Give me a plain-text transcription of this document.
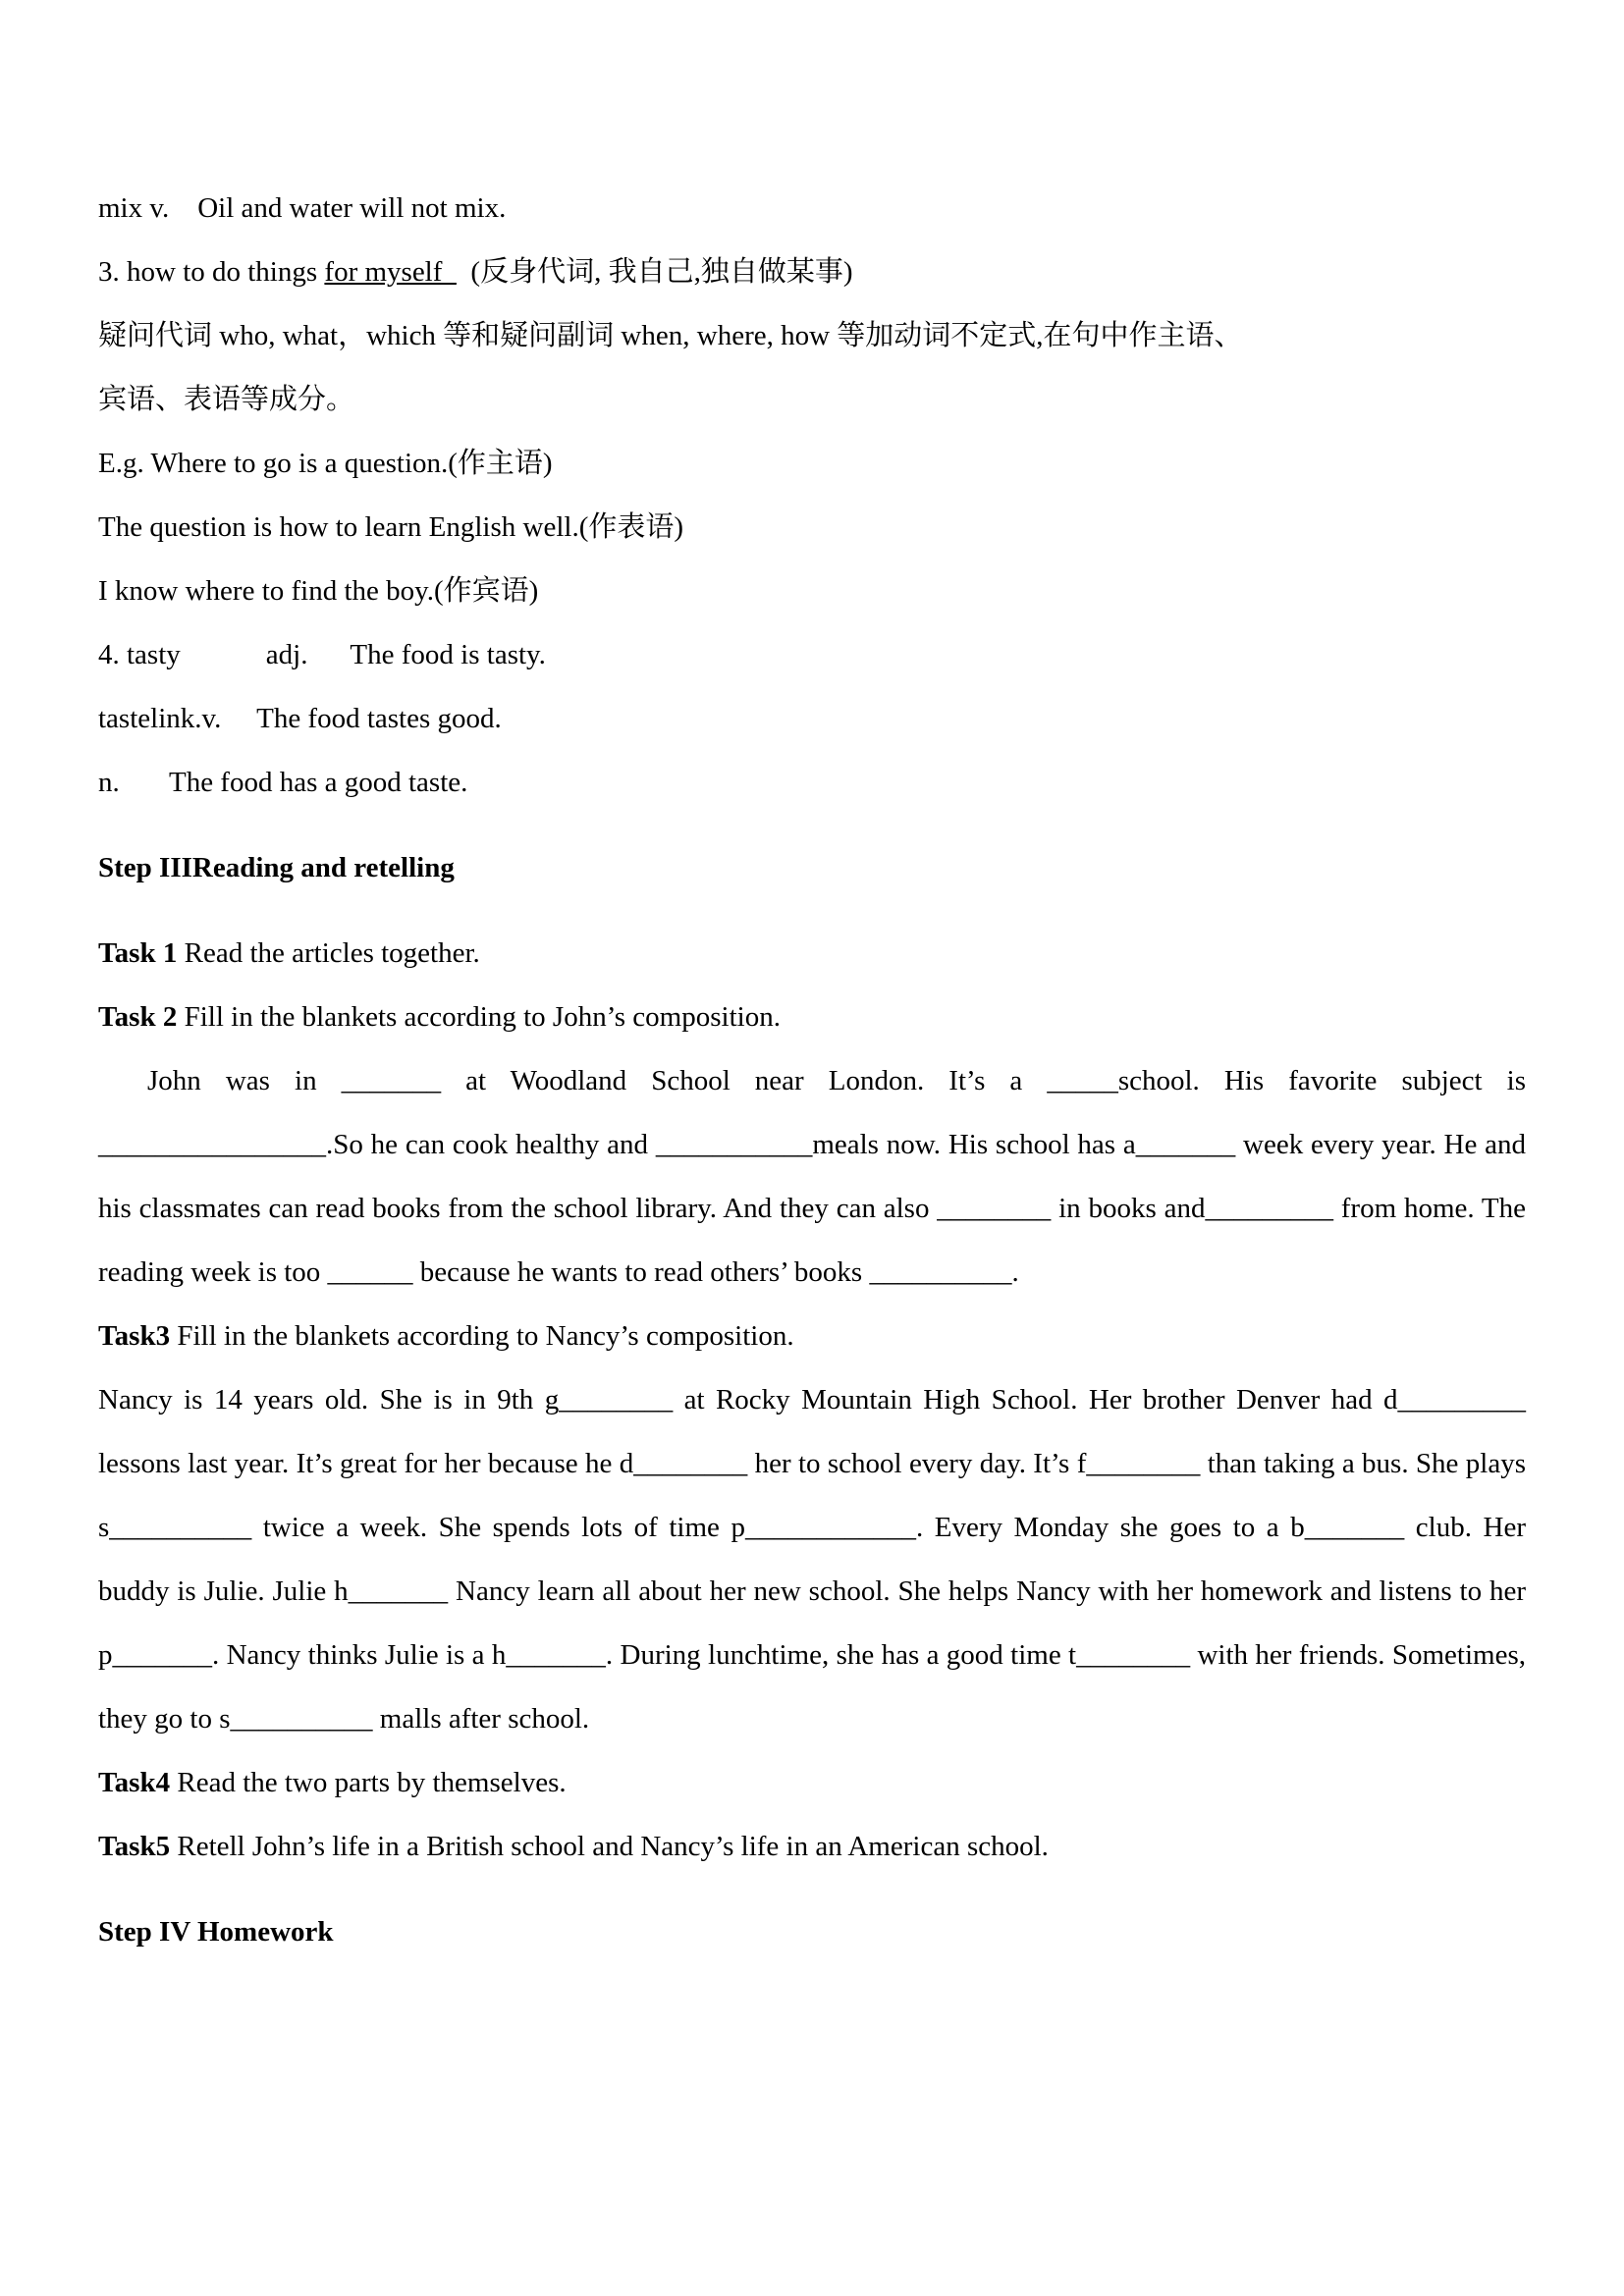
mix v.    Oil and water will not mix.

3. how to do things for myself    (反身代词, 我自己,独自做某事)

疑问代词 who, what，which 等和疑问副词 when, where, how 等加动词不定式,在句中作主语、

宾语、表语等成分。

E.g. Where to go is a question.(作主语)

The question is how to learn English well.(作表语)

I know where to find the boy.(作宾语)

4. tasty            adj.      The food is tasty.

tastelink.v.     The food tastes good.

n.       The food has a good taste.

Step IIIReading and retelling

Task 1 Read the articles together.

Task 2 Fill in the blankets according to John’s composition.

John was in _______ at Woodland School near London. It’s a _____school. His favorite subject is ________________.So he can cook healthy and ___________meals now. His school has a_______ week every year. He and his classmates can read books from the school library. And they can also ________ in books and_________ from home. The reading week is too ______ because he wants to read others’ books __________.

Task3 Fill in the blankets according to Nancy’s composition.

Nancy is 14 years old. She is in 9th g________ at Rocky Mountain High School. Her brother Denver had d_________ lessons last year. It’s great for her because he d________ her to school every day. It’s f________ than taking a bus. She plays s__________ twice a week. She spends lots of time p____________. Every Monday she goes to a b_______ club. Her buddy is Julie. Julie h_______ Nancy learn all about her new school. She helps Nancy with her homework and listens to her p_______. Nancy thinks Julie is a h_______. During lunchtime, she has a good time t________ with her friends. Sometimes, they go to s__________ malls after school.

Task4 Read the two parts by themselves.

Task5 Retell John’s life in a British school and Nancy’s life in an American school.

Step IV Homework
